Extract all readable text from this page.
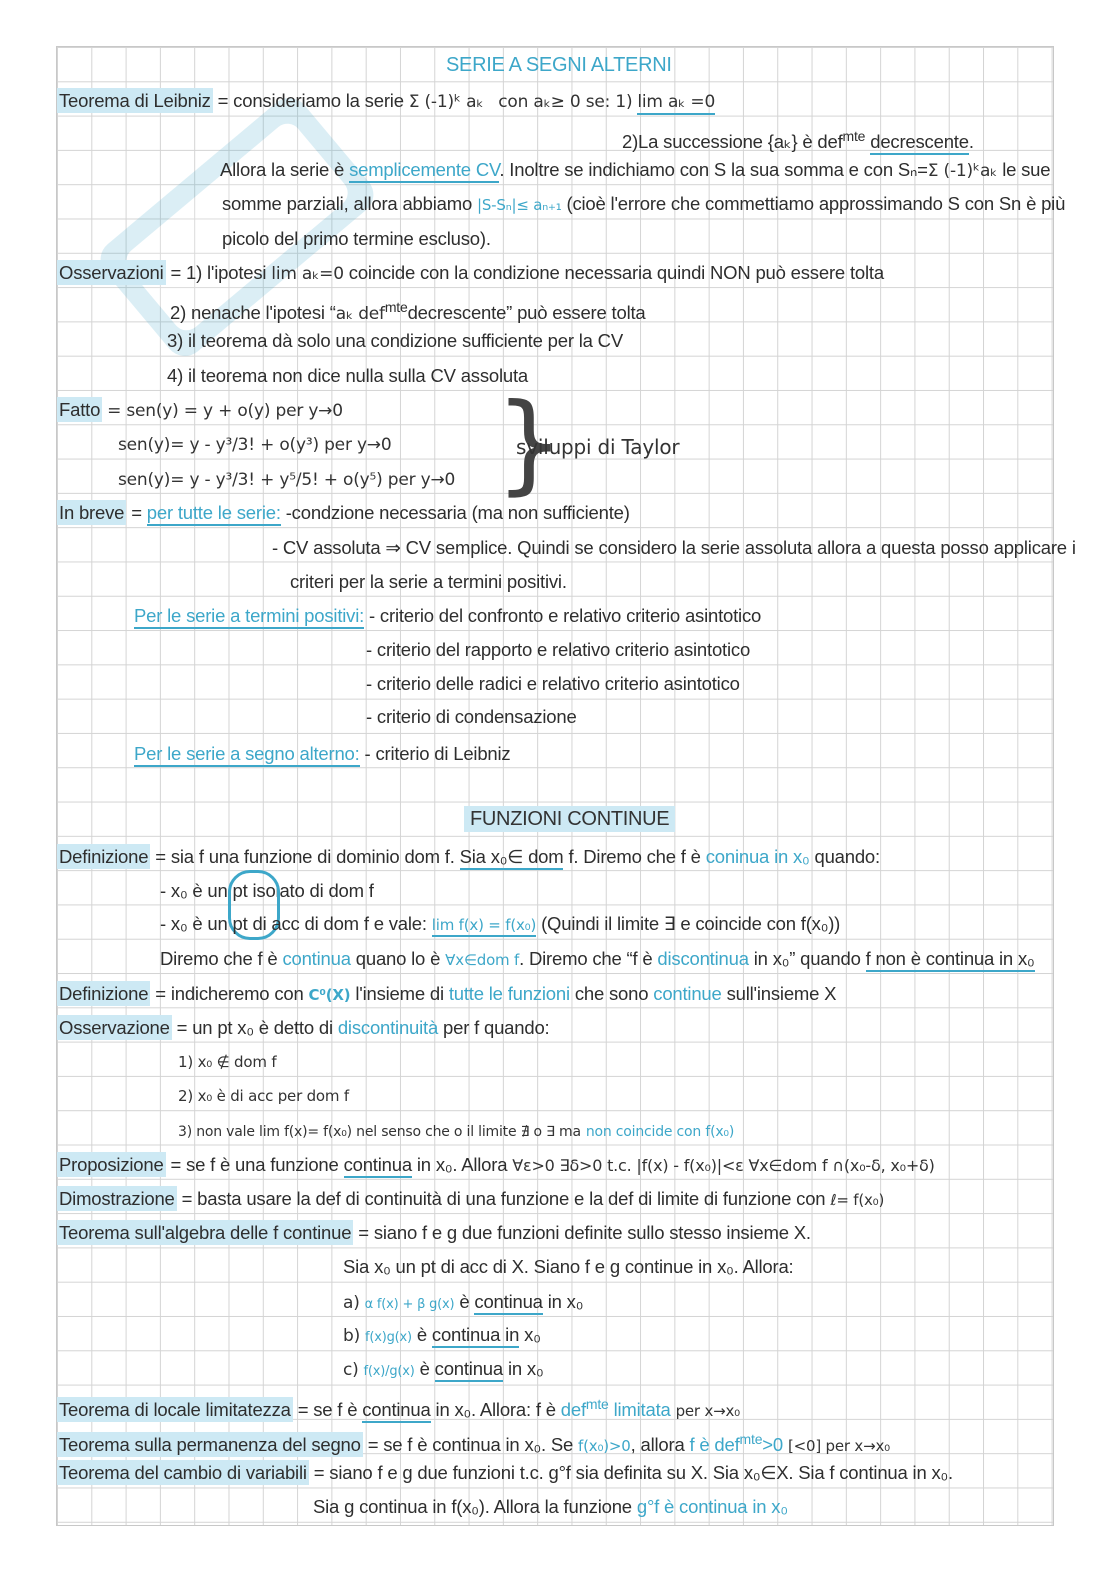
SERIE A SEGNI ALTERNI
Teorema di Leibniz = consideriamo la serie Σ (-1)ᵏ aₖ con aₖ≥ 0 se: 1) lim aₖ =0
2)La successione {aₖ} è def$^{mte}$ decrescente.
Allora la serie è semplicemente CV. Inoltre se indichiamo con S la sua somma e con Sₙ=Σ (-1)ᵏaₖ le sue
somme parziali, allora abbiamo |S-Sₙ|≤ aₙ₊₁ (cioè l'errore che commettiamo approssimando S con Sn è più
picolo del primo termine escluso).
Osservazioni = 1) l'ipotesi lim aₖ=0 coincide con la condizione necessaria quindi NON può essere tolta
2) nenache l'ipotesi “aₖ def$^{mte}$decrescente” può essere tolta
3) il teorema dà solo una condizione sufficiente per la CV
4) il teorema non dice nulla sulla CV assoluta
Fatto = sen(y) = y + o(y) per y→0
sen(y)= y - y³/3! + o(y³) per y→0
sen(y)= y - y³/3! + y⁵/5! + o(y⁵) per y→0 }
sviluppi di Taylor
In breve = per tutte le serie: -condzione necessaria (ma non sufficiente)
- CV assoluta ⇒ CV semplice. Quindi se considero la serie assoluta allora a questa posso applicare i
criteri per la serie a termini positivi.
Per le serie a termini positivi: - criterio del confronto e relativo criterio asintotico
- criterio del rapporto e relativo criterio asintotico
- criterio delle radici e relativo criterio asintotico
- criterio di condensazione
Per le serie a segno alterno: - criterio di Leibniz
FUNZIONI CONTINUE
Definizione = sia f una funzione di dominio dom f. Sia x₀∈ dom f. Diremo che f è coninua in x₀ quando:
- x₀ è un pt isolato di dom f
- x₀ è un pt di acc di dom f e vale: lim f(x) = f(x₀) (Quindi il limite ∃ e coincide con f(x₀))
Diremo che f è continua quano lo è ∀x∈dom f. Diremo che “f è discontinua in x₀” quando f non è continua in x₀
Definizione = indicheremo con C⁰(X) l'insieme di tutte le funzioni che sono continue sull'insieme X
Osservazione = un pt x₀ è detto di discontinuità per f quando:
1) x₀ ∉ dom f
2) x₀ è di acc per dom f
3) non vale lim f(x)= f(x₀) nel senso che o il limite ∄ o ∃ ma non coincide con f(x₀)
Proposizione = se f è una funzione continua in x₀. Allora ∀ε>0 ∃δ>0 t.c. |f(x) - f(x₀)|<ε ∀x∈dom f ∩(x₀-δ, x₀+δ)
Dimostrazione = basta usare la def di continuità di una funzione e la def di limite di funzione con ℓ= f(x₀)
Teorema sull'algebra delle f continue = siano f e g due funzioni definite sullo stesso insieme X.
Sia x₀ un pt di acc di X. Siano f e g continue in x₀. Allora:
a) α f(x) + β g(x) è continua in x₀
b) f(x)g(x) è continua in x₀
c) f(x)/g(x) è continua in x₀
Teorema di locale limitatezza = se f è continua in x₀. Allora: f è def$^{mte}$ limitata per x→x₀
Teorema sulla permanenza del segno = se f è continua in x₀. Se f(x₀)>0, allora f è def$^{mte}$>0 [<0] per x→x₀
Teorema del cambio di variabili = siano f e g due funzioni t.c. g°f sia definita su X. Sia x₀∈X. Sia f continua in x₀.
Sia g continua in f(x₀). Allora la funzione g°f è continua in x₀
